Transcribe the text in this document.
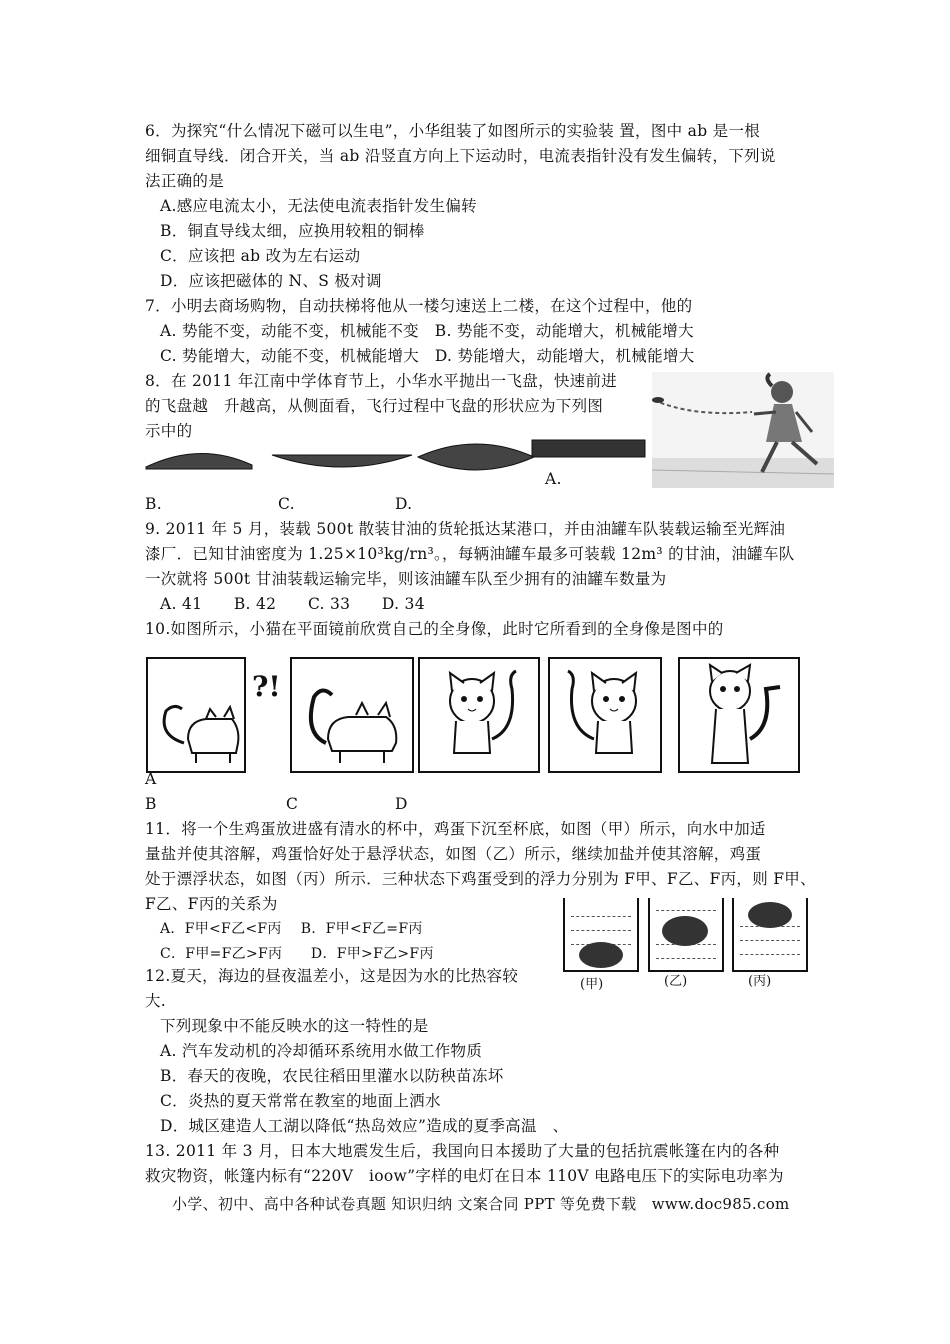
6．为探究“什么情况下磁可以生电”，小华组装了如图所示的实验装 置，图中 ab 是一根
细铜直导线．闭合开关，当 ab 沿竖直方向上下运动时，电流表指针没有发生偏转，下列说
法正确的是
A.感应电流太小，无法使电流表指针发生偏转
B．铜直导线太细，应换用较粗的铜棒
C．应该把 ab 改为左右运动
D．应该把磁体的 N、S 极对调
7．小明去商场购物，自动扶梯将他从一楼匀速送上二楼，在这个过程中，他的
A. 势能不变，动能不变，机械能不变　B. 势能不变，动能增大，机械能增大
C. 势能增大，动能不变，机械能增大　D. 势能增大，动能增大，机械能增大
8．在 2011 年江南中学体育节上，小华水平抛出一飞盘，快速前进
的飞盘越　升越高，从侧面看，飞行过程中飞盘的形状应为下列图
示中的
A.
B.	C.	D.
9. 2011 年 5 月，装载 500t 散装甘油的货轮抵达某港口，并由油罐车队装载运输至光辉油
漆厂．已知甘油密度为 1.25×10³kg/rn³。，每辆油罐车最多可装载 12m³ 的甘油，油罐车队
一次就将 500t 甘油装载运输完毕，则该油罐车队至少拥有的油罐车数量为
A. 41　　B. 42　　C. 33　　D. 34
10.如图所示，小猫在平面镜前欣赏自己的全身像，此时它所看到的全身像是图中的
?!
A
B	C	D
11．将一个生鸡蛋放进盛有清水的杯中，鸡蛋下沉至杯底，如图（甲）所示，向水中加适
量盐并使其溶解，鸡蛋恰好处于悬浮状态，如图（乙）所示，继续加盐并使其溶解，鸡蛋
处于漂浮状态，如图（丙）所示．三种状态下鸡蛋受到的浮力分别为 F甲、F乙、F丙，则 F甲、
F乙、F丙的关系为
A．F甲<F乙<F丙　 B．F甲<F乙=F丙
C．F甲=F乙>F丙　　D．F甲>F乙>F丙
(甲)	(乙)	(丙)
12.夏天，海边的昼夜温差小，这是因为水的比热容较
大.
下列现象中不能反映水的这一特性的是
A. 汽车发动机的冷却循环系统用水做工作物质
B．春天的夜晚，农民往稻田里灌水以防秧苗冻坏
C．炎热的夏天常常在教室的地面上洒水
D．城区建造人工湖以降低“热岛效应”造成的夏季高温　、
13. 2011 年 3 月，日本大地震发生后，我国向日本援助了大量的包括抗震帐篷在内的各种
救灾物资，帐篷内标有“220V　ioow”字样的电灯在日本 110V 电路电压下的实际电功率为
小学、初中、高中各种试卷真题 知识归纳 文案合同 PPT 等免费下载　www.doc985.com
